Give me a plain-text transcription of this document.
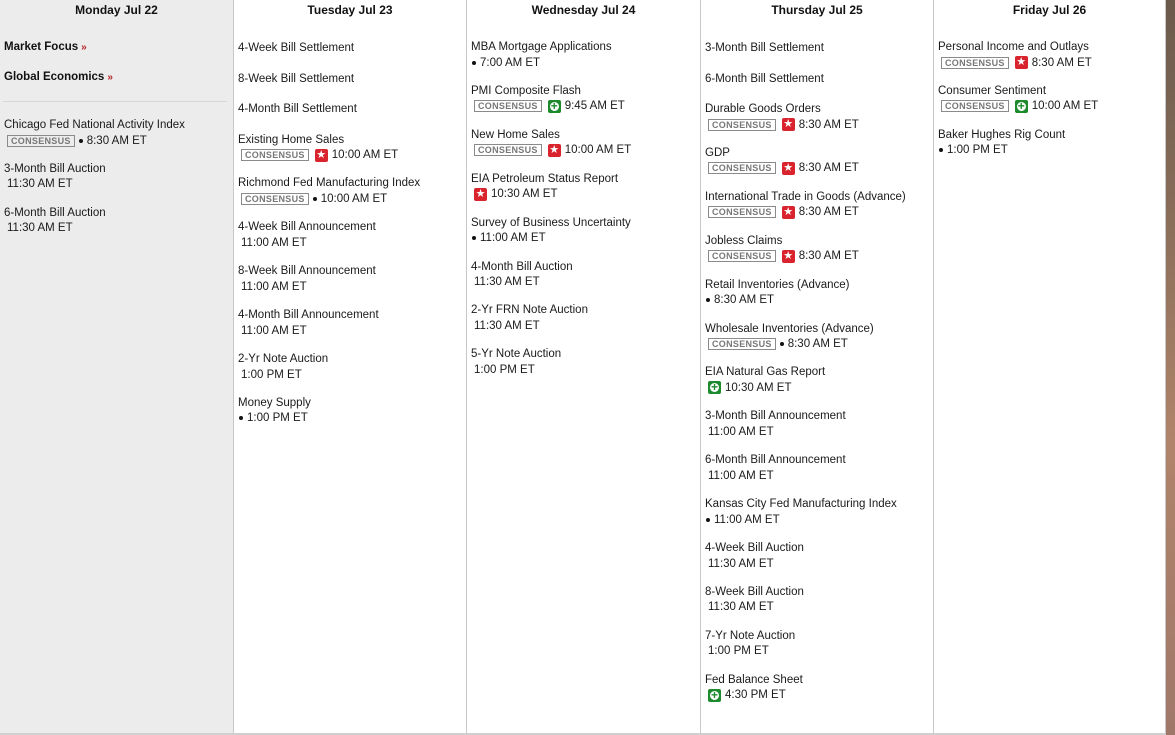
Monday Jul 22
Market Focus »
Global Economics »
Chicago Fed National Activity Index
CONSENSUS	8:30 AM ET
3-Month Bill Auction
11:30 AM ET
6-Month Bill Auction
11:30 AM ET
Tuesday Jul 23
4-Week Bill Settlement
8-Week Bill Settlement
4-Month Bill Settlement
Existing Home Sales
CONSENSUS	★ 10:00 AM ET
Richmond Fed Manufacturing Index
CONSENSUS	10:00 AM ET
4-Week Bill Announcement
11:00 AM ET
8-Week Bill Announcement
11:00 AM ET
4-Month Bill Announcement
11:00 AM ET
2-Yr Note Auction
1:00 PM ET
Money Supply
1:00 PM ET
Wednesday Jul 24
MBA Mortgage Applications
7:00 AM ET
PMI Composite Flash
CONSENSUS +	9:45 AM ET
New Home Sales
CONSENSUS	★ 10:00 AM ET
EIA Petroleum Status Report
★ 10:30 AM ET
Survey of Business Uncertainty
11:00 AM ET
4-Month Bill Auction
11:30 AM ET
2-Yr FRN Note Auction
11:30 AM ET
5-Yr Note Auction
1:00 PM ET
Thursday Jul 25
3-Month Bill Settlement
6-Month Bill Settlement
Durable Goods Orders
CONSENSUS	★ 8:30 AM ET
GDP
CONSENSUS	★ 8:30 AM ET
International Trade in Goods (Advance)
CONSENSUS	★ 8:30 AM ET
Jobless Claims
CONSENSUS	★ 8:30 AM ET
Retail Inventories (Advance)
8:30 AM ET
Wholesale Inventories (Advance)
CONSENSUS	8:30 AM ET
EIA Natural Gas Report
+
10:30 AM ET
3-Month Bill Announcement
11:00 AM ET
6-Month Bill Announcement
11:00 AM ET
Kansas City Fed Manufacturing Index
11:00 AM ET
4-Week Bill Auction
11:30 AM ET
8-Week Bill Auction
11:30 AM ET
7-Yr Note Auction
1:00 PM ET
Fed Balance Sheet
+
4:30 PM ET
Friday Jul 26
Personal Income and Outlays
CONSENSUS	★ 8:30 AM ET
Consumer Sentiment
CONSENSUS +	10:00 AM ET
Baker Hughes Rig Count
1:00 PM ET
